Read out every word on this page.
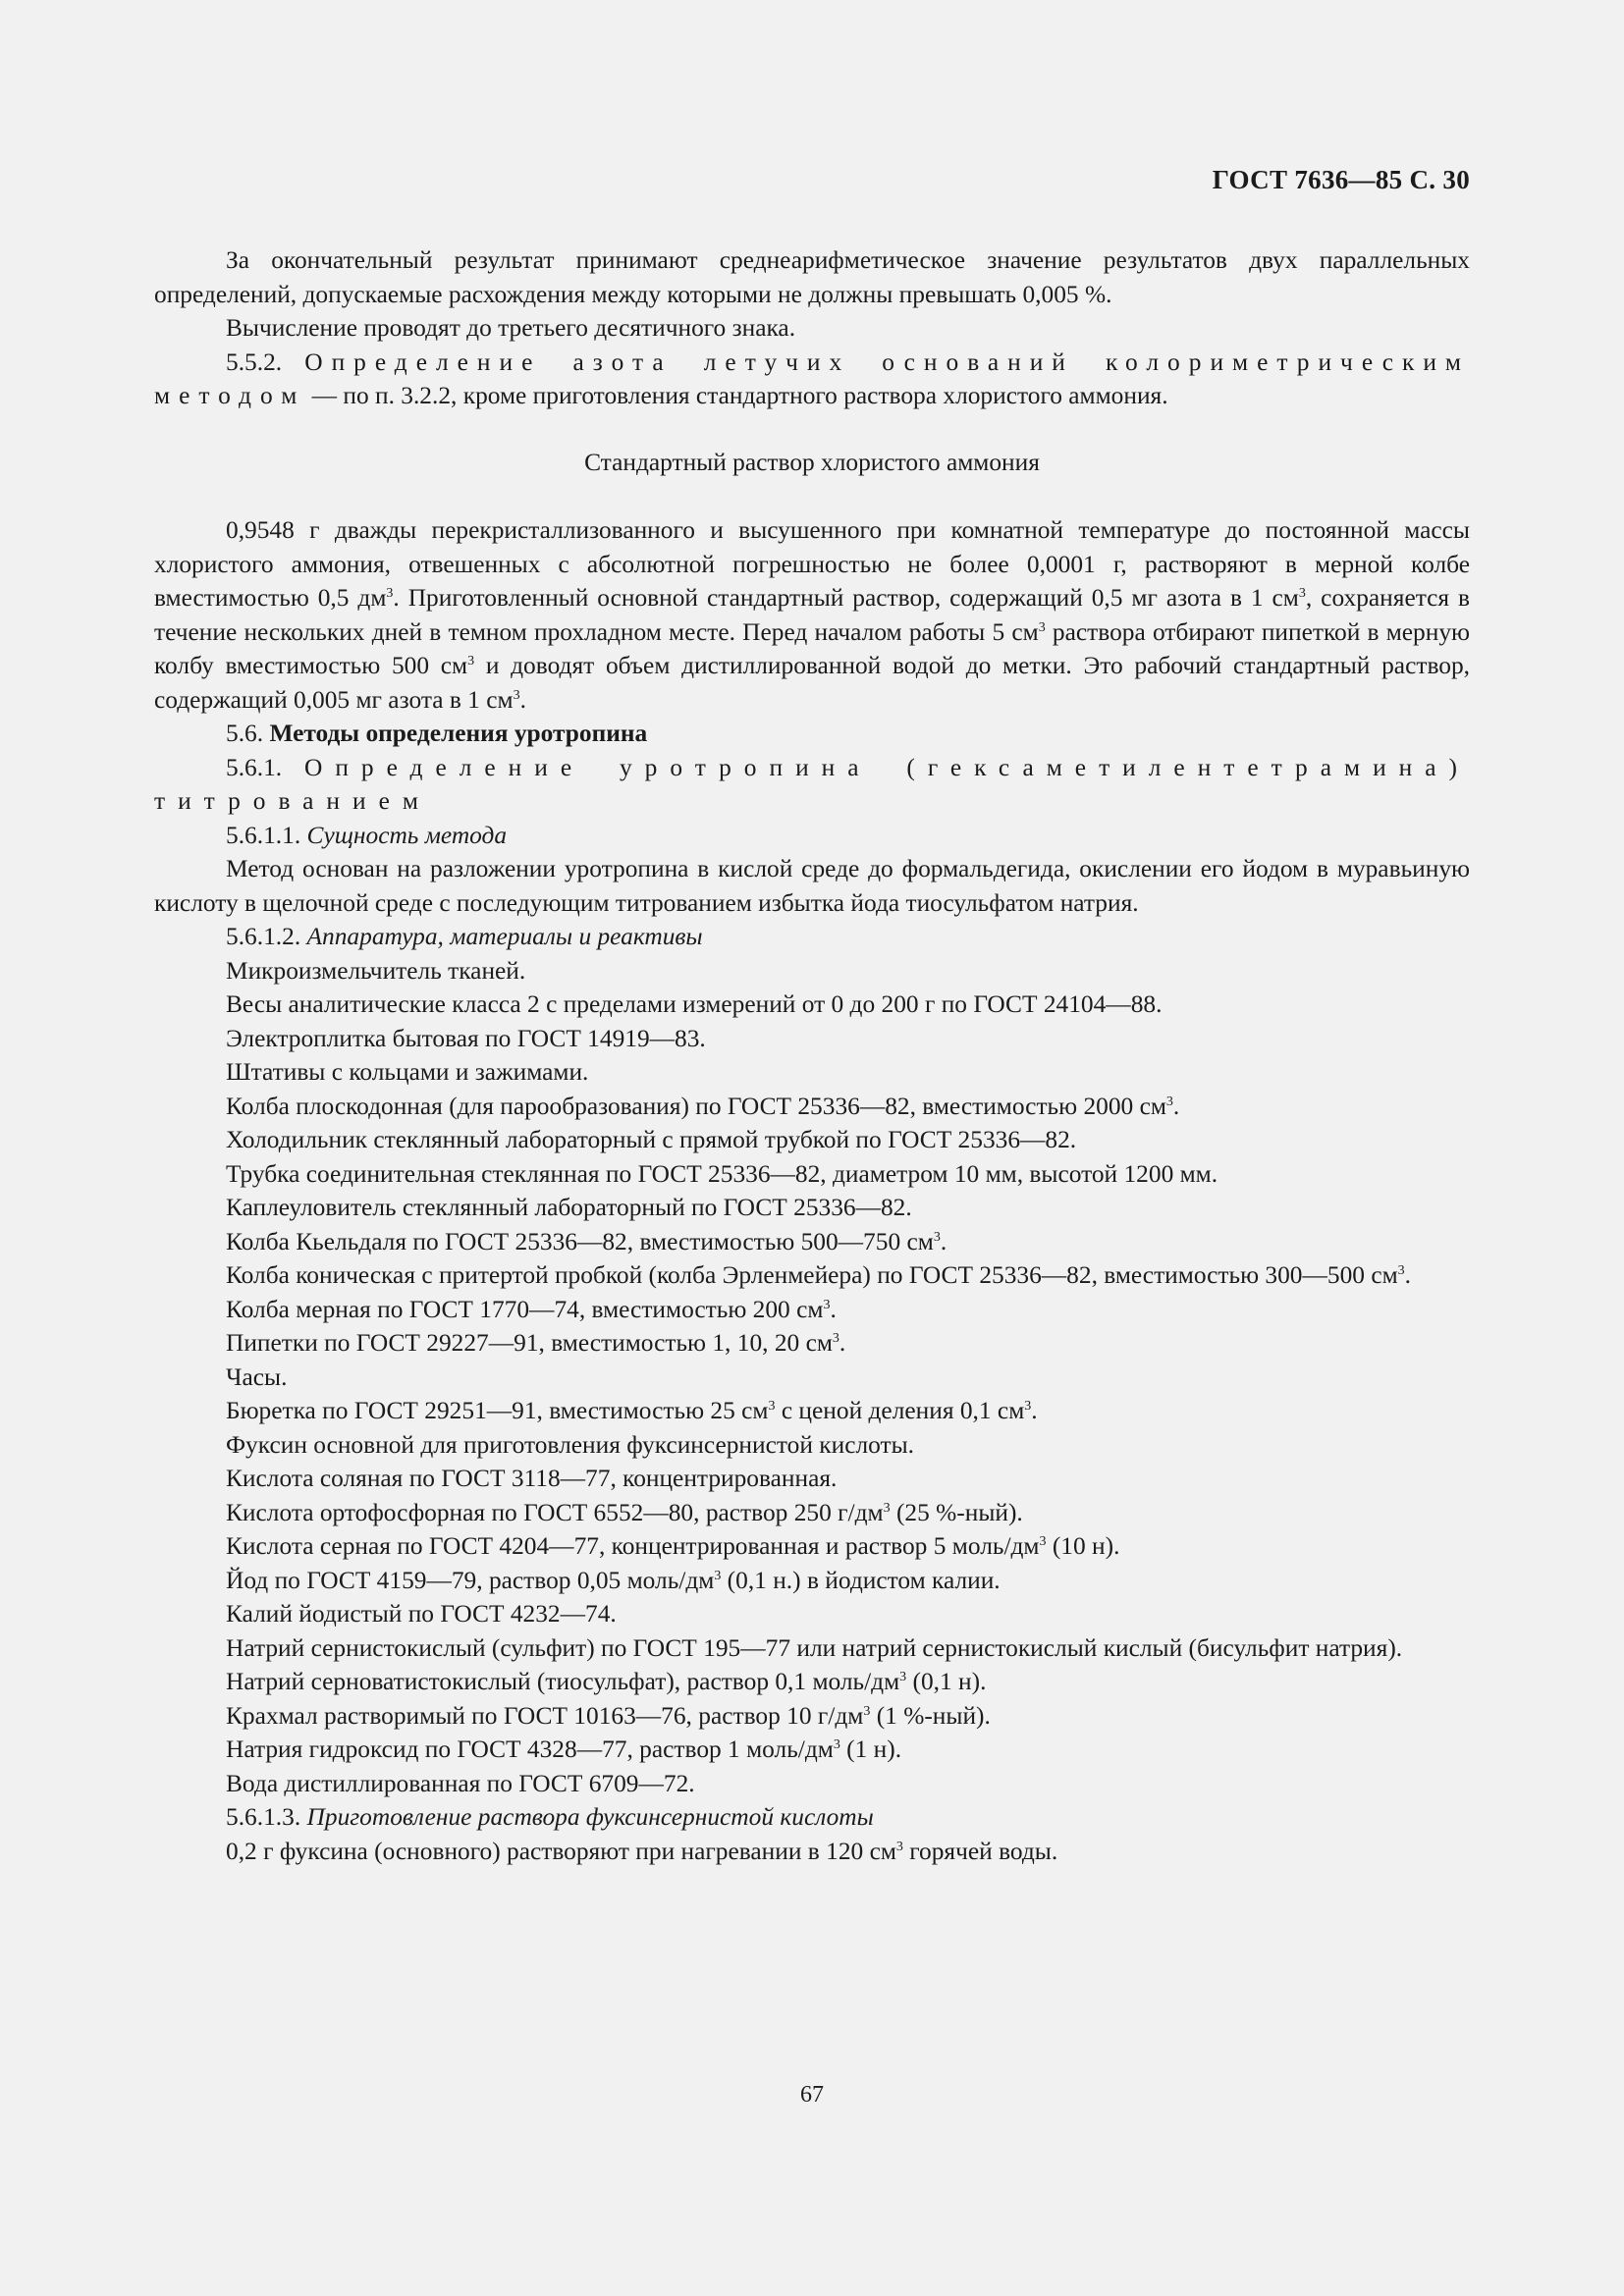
ГОСТ 7636—85 С. 30

За окончательный результат принимают среднеарифметическое значение результатов двух параллельных определений, допускаемые расхождения между которыми не должны превышать 0,005 %.

Вычисление проводят до третьего десятичного знака.

5.5.2. Определение азота летучих оснований колориметрическим методом — по п. 3.2.2, кроме приготовления стандартного раствора хлористого аммония.

Стандартный раствор хлористого аммония

0,9548 г дважды перекристаллизованного и высушенного при комнатной температуре до постоянной массы хлористого аммония, отвешенных с абсолютной погрешностью не более 0,0001 г, растворяют в мерной колбе вместимостью 0,5 $дм^3$. Приготовленный основной стандартный раствор, содержащий 0,5 мг азота в 1 $см^3$, сохраняется в течение нескольких дней в темном прохладном месте. Перед началом работы 5 $см^3$ раствора отбирают пипеткой в мерную колбу вместимостью 500 $см^3$ и доводят объем дистиллированной водой до метки. Это рабочий стандартный раствор, содержащий 0,005 мг азота в 1 $см^3$.

5.6. Методы определения уротропина

5.6.1. Определение уротропина (гексаметилентетрамина) титрованием

5.6.1.1. Сущность метода

Метод основан на разложении уротропина в кислой среде до формальдегида, окислении его йодом в муравьиную кислоту в щелочной среде с последующим титрованием избытка йода тиосульфатом натрия.

5.6.1.2. Аппаратура, материалы и реактивы

Микроизмельчитель тканей.

Весы аналитические класса 2 с пределами измерений от 0 до 200 г по ГОСТ 24104—88.

Электроплитка бытовая по ГОСТ 14919—83.

Штативы с кольцами и зажимами.

Колба плоскодонная (для парообразования) по ГОСТ 25336—82, вместимостью 2000 $см^3$.

Холодильник стеклянный лабораторный с прямой трубкой по ГОСТ 25336—82.

Трубка соединительная стеклянная по ГОСТ 25336—82, диаметром 10 мм, высотой 1200 мм.

Каплеуловитель стеклянный лабораторный по ГОСТ 25336—82.

Колба Кьельдаля по ГОСТ 25336—82, вместимостью 500—750 $см^3$.

Колба коническая с притертой пробкой (колба Эрленмейера) по ГОСТ 25336—82, вместимостью 300—500 $см^3$.

Колба мерная по ГОСТ 1770—74, вместимостью 200 $см^3$.

Пипетки по ГОСТ 29227—91, вместимостью 1, 10, 20 $см^3$.

Часы.

Бюретка по ГОСТ 29251—91, вместимостью 25 $см^3$ с ценой деления 0,1 $см^3$.

Фуксин основной для приготовления фуксинсернистой кислоты.

Кислота соляная по ГОСТ 3118—77, концентрированная.

Кислота ортофосфорная по ГОСТ 6552—80, раствор 250 $г/дм^3$ (25 %-ный).

Кислота серная по ГОСТ 4204—77, концентрированная и раствор 5 моль/$дм^3$ (10 н).

Йод по ГОСТ 4159—79, раствор 0,05 моль/$дм^3$ (0,1 н.) в йодистом калии.

Калий йодистый по ГОСТ 4232—74.

Натрий сернистокислый (сульфит) по ГОСТ 195—77 или натрий сернистокислый кислый (бисульфит натрия).

Натрий серноватистокислый (тиосульфат), раствор 0,1 моль/$дм^3$ (0,1 н).

Крахмал растворимый по ГОСТ 10163—76, раствор 10 $г/дм^3$ (1 %-ный).

Натрия гидроксид по ГОСТ 4328—77, раствор 1 моль/$дм^3$ (1 н).

Вода дистиллированная по ГОСТ 6709—72.

5.6.1.3. Приготовление раствора фуксинсернистой кислоты

0,2 г фуксина (основного) растворяют при нагревании в 120 $см^3$ горячей воды.

67
